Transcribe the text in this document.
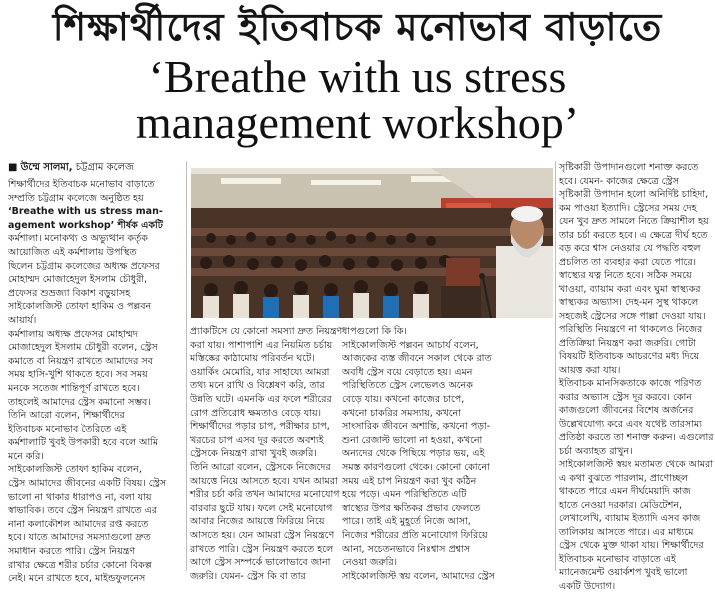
শিক্ষার্থীদের ইতিবাচক মনোভাব বাড়াতে
‘Breathe with us stress
management workshop’
■ উম্মে সালমা, চট্টগ্রাম কলেজ
শিক্ষার্থীদের ইতিবাচক মনোভাব বাড়াতে
সম্প্রতি চট্টগ্রাম কলেজে অনুষ্ঠিত হয়
‘Breathe with us stress man-
agement workshop’ শীর্ষক একটি
কর্মশালা। মনোকথ্য ও অভ্যুত্থান কর্তৃক
আয়োজিত এই কর্মশালায় উপস্থিত
ছিলেন চট্টগ্রাম কলেজের অধ্যক্ষ প্রফেসর
মোহাম্মদ মোজাহেদুল ইসলাম চৌধুরী,
প্রফেসর শুভ্রজ্যা বিকাশ বড়ুয়াসহ
সাইকোলজিস্ট তোফা হাকিম ও পল্লবন
আয়াৰ্য।
কর্মশালায় অধ্যক্ষ প্রফেসর মোহাম্মদ
মোজাহেদুল ইসলাম চৌধুরী বলেন, স্ট্রেস
কমাতে বা নিয়ন্ত্রণ রাখতে আমাদের সব
সময় হাসি-খুশি থাকতে হবে। সব সময়
মনকে সতেজ শান্তিপূর্ণ রাখতে হবে।
তাহলেই আমাদের স্ট্রেস কমানো সম্ভব।
তিনি আরো বলেন, শিক্ষার্থীদের
ইতিবাচক মনোভাব তৈরিতে এই
কর্মশালাটি খুবই উপকারী হবে বলে আমি
মনে করি।
সাইকোলজিস্ট তোফা হাকিম বলেন,
স্ট্রেস আমাদের জীবনের একটি বিষয়। স্ট্রেস
ভালো না থাকার ধারাপও না, বলা যায়
স্বাভাবিক। তবে স্ট্রেস নিয়ন্ত্রণ রাখতে এর
নানা কলাকৌশল আমাদের রপ্ত করতে
হবে। যাতে আমাদের সমস্যাগুলো দ্রুত
সমাধান করতে পারি। স্ট্রেস নিয়ন্ত্রণ
রাখার ক্ষেত্রে শরীর চর্চার কোনো বিকল্প
নেই। মনে রাখতে হবে, মাইন্ডফুলনেস
প্র্যাকটিসে যে কোনো সমস্যা দ্রুত নিয়ন্ত্রণ
করা যায়। পাশাপাশি এর নিয়মিত চর্চায়
মস্তিষ্কের কাঠামোয় পরিবর্তন ঘটে।
ওয়ার্কিং মেমোরি, যার সাহায্যে আমরা
তথ্য মনে রাখি ও বিশ্লেষণ করি, তার
উন্নতি ঘটে। এমনকি এর ফলে শরীরের
রোগ প্রতিরোধ ক্ষমতাও বেড়ে যায়।
শিক্ষার্থীদের পড়ার চাপ, পরীক্ষার চাপ,
খরচের চাপ এসব দূর করতে অবশ্যই
স্ট্রেসকে নিয়ন্ত্রণ রাখা খুবই জরুরি।
তিনি আরো বলেন, স্ট্রেসকে নিজেদের
আয়ত্তে নিয়ে আসতে হবে। যখন আমরা
শরীর চর্চা করি তখন আমাদের মনোযোগ
বারবার ছুটে যায়। ফলে সেই মনোযোগ
আবার নিজের আয়ত্তে ফিরিয়ে নিয়ে
আসতে হয়। যেন আমরা স্ট্রেস নিয়ন্ত্রণে
রাখতে পারি। স্ট্রেস নিয়ন্ত্রণ করতে হলে
আগে স্ট্রেস সম্পর্কে ভালোভাবে জানা
জরুরি। যেমন- স্ট্রেস কি বা তার
ধাপগুলো কি কি।
সাইকোলজিস্ট পল্লবন আচার্য বলেন,
আজকের ব্যস্ত জীবনে সকাল থেকে রাত
অবধি স্ট্রেস বয়ে বেড়াতে হয়। এমন
পরিস্থিতিতে স্ট্রেস লেভেলও অনেক
বেড়ে যায়। কখনো কাজের চাপে,
কখনো চাকরির সমস্যায়, কখনো
সাংসারিক জীবনে অশান্তি, কখনো পড়া-
শুনা রেজাল্ট ভালো না হওয়া, কখনো
অন্যদের থেকে পিছিয়ে পড়ার ভয়, এই
সমস্ত কারণগুলো থেকে। কোনো কোনো
সময় এই চাপ নিয়ন্ত্রণ করা খুব কঠিন
হয়ে পড়ে। এমন পরিস্থিতিতে এটি
স্বাস্থ্যের উপর ক্ষতিকর প্রভাব ফেলতে
পারে। তাই এই মুহূর্তে নিজে আসা,
নিজের শরীরের প্রতি মনোযোগ ফিরিয়ে
আনা, সচেতনভাবে নিঃশ্বাস প্রশ্বাস
নেওয়া জরুরি।
সাইকোলজিস্ট স্বয় বলেন, আমাদের স্ট্রেস
সৃষ্টিকারী উপাদানগুলো শনাক্ত করতে
হবে। যেমন- কাজের ক্ষেত্রে স্ট্রেস
সৃষ্টিকারী উপাদান হলো অনির্দিষ্ট চাহিদা,
কম পাওয়া ইত্যাদি। স্ট্রেসের সময় দেহ
যেন খুব দ্রুত সামলে নিতে ক্রিয়াশীল হয়
তার চর্চা করতে হবে। এ ক্ষেত্রে দীর্ঘ হতে
বড় করে শ্বাস নেওয়ার যে পদ্ধতি বহুল
প্রচলিত তা ব্যবহার করা যেতে পারে।
স্বাস্থ্যের যত্ন নিতে হবে। সঠিক সময়ে
খাওয়া, ব্যায়াম করা এবং ঘুমা স্বাস্থ্যকর
স্বাস্থ্যকর অভ্যাস। দেহ-মন সুস্থ থাকলে
সহজেই স্ট্রেসের সঙ্গে পাল্লা দেওয়া যায়।
পরিস্থিতি নিয়ন্ত্রণে না থাকলেও নিজের
প্রতিক্রিয়া নিয়ন্ত্রণ করা জরুরি। গোটা
বিষয়টি ইতিবাচক আচরণের মধ্য দিয়ে
আয়ত্ত করা যায়।
ইতিবাচক মানসিকতাকে কাজে পরিণত
করার অভ্যাস স্ট্রেস দূর করবে। কোন
কাজগুলো জীবনের বিশেষ অর্জনের
উল্লেখযোগ্য করে এবং যথেষ্ট তারসাম্য
প্রতিষ্ঠা করতে তা শনাক্ত করুন। এগুলোর
চর্চা অব্যাহত রাখুন।
সাইকোলজিস্ট স্বয়ং মতামত থেকে আমরা
এ কথা বুঝতে পারলাম, প্রাণোচ্ছল
থাকতে পারে এমন দীর্ঘমেয়াদি কাজ
হাতে নেওয়া দরকার। মেডিটেশন,
লেখালেখি, ব্যায়াম ইত্যাদি এসব কাজ
তালিকায় আসতে পারে। এর মাধ্যমে
স্ট্রেস থেকে মুক্ত থাকা যায়। শিক্ষার্থীদের
ইতিবাচক মনোভাব বাড়াতে এই
ম্যানেজমেন্ট ওয়ার্কশপ খুবই ভালো
একটি উদ্যোগ।
